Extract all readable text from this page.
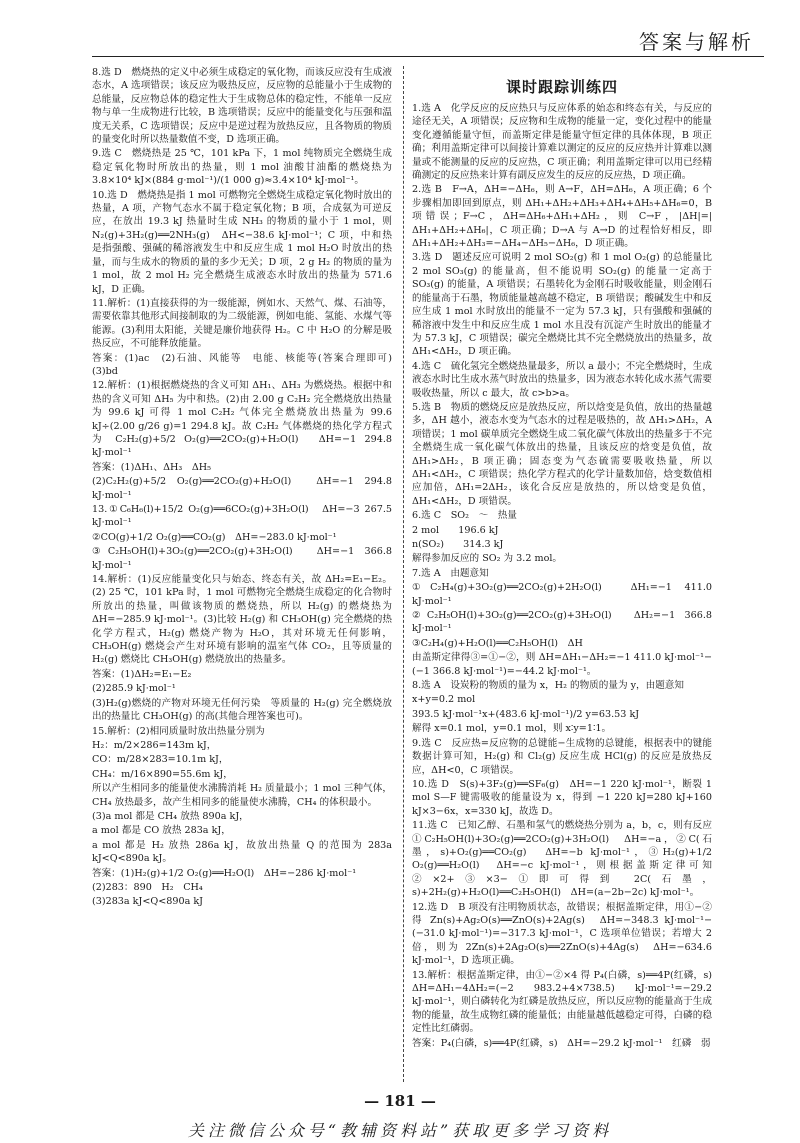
答案与解析
8.选 D　燃烧热的定义中必须生成稳定的氧化物，而该反应没有生成液态水，A 选项错误；该反应为吸热反应，反应物的总能量小于生成物的总能量，反应物总体的稳定性大于生成物总体的稳定性，不能单一反应物与单一生成物进行比较，B 选项错误；反应中的能量变化与压强和温度无关系，C 选项错误；反应中是逆过程为放热反应，且各物质的物质的量变化时所以热量数值不变，D 选项正确。
9.选 C　燃烧热是 25 ℃，101 kPa 下，1 mol 纯物质完全燃烧生成稳定氧化物时所放出的热量，则 1 mol 油酸甘油酯的燃烧热为 3.8×10⁴ kJ×(884 g·mol⁻¹)/(1 000 g)≈3.4×10⁴ kJ·mol⁻¹。
10.选 D　燃烧热是指 1 mol 可燃物完全燃烧生成稳定氧化物时放出的热量，A 项，产物气态水不属于稳定氧化物；B 项，合成氨为可逆反应，在放出 19.3 kJ 热量时生成 NH₃ 的物质的量小于 1 mol，则 N₂(g)+3H₂(g)══2NH₃(g)　ΔH<−38.6 kJ·mol⁻¹；C 项，中和热是指强酸、强碱的稀溶液发生中和反应生成 1 mol H₂O 时放出的热量，而与生成水的物质的量的多少无关；D 项，2 g H₂ 的物质的量为 1 mol，故 2 mol H₂ 完全燃烧生成液态水时放出的热量为 571.6 kJ，D 正确。
11.解析：(1)直接获得的为一级能源，例如水、天然气、煤、石油等，需要依靠其他形式间接制取的为二级能源，例如电能、氢能、水煤气等能源。(3)利用太阳能，关键是廉价地获得 H₂。C 中 H₂O 的分解是吸热反应，不可能释放能量。
答案：(1)ac　(2)石油、风能等　电能、核能等(答案合理即可)　(3)bd
12.解析：(1)根据燃烧热的含义可知 ΔH₁、ΔH₃ 为燃烧热。根据中和热的含义可知 ΔH₅ 为中和热。(2)由 2.00 g C₂H₂ 完全燃烧放出热量为 99.6 kJ 可得 1 mol C₂H₂ 气体完全燃烧放出热量为 99.6 kJ÷(2.00 g/26 g)=1 294.8 kJ。故 C₂H₂ 气体燃烧的热化学方程式为 C₂H₂(g)+5/2 O₂(g)══2CO₂(g)+H₂O(l)　ΔH=−1 294.8 kJ·mol⁻¹
答案：(1)ΔH₁、ΔH₃　ΔH₅
(2)C₂H₂(g)+5/2 O₂(g)══2CO₂(g)+H₂O(l)　ΔH=−1 294.8 kJ·mol⁻¹
13.①C₆H₆(l)+15/2 O₂(g)══6CO₂(g)+3H₂O(l)　ΔH=−3 267.5 kJ·mol⁻¹
②CO(g)+1/2 O₂(g)══CO₂(g)　ΔH=−283.0 kJ·mol⁻¹
③C₂H₅OH(l)+3O₂(g)══2CO₂(g)+3H₂O(l)　ΔH=−1 366.8 kJ·mol⁻¹
14.解析：(1)反应能量变化只与始态、终态有关，故 ΔH₂=E₁−E₂。(2) 25 ℃，101 kPa 时，1 mol 可燃物完全燃烧生成稳定的化合物时所放出的热量，叫做该物质的燃烧热，所以 H₂(g) 的燃烧热为 ΔH=−285.9 kJ·mol⁻¹。(3)比较 H₂(g) 和 CH₃OH(g) 完全燃烧的热化学方程式，H₂(g) 燃烧产物为 H₂O，其对环境无任何影响，CH₃OH(g) 燃烧会产生对环境有影响的温室气体 CO₂，且等质量的 H₂(g) 燃烧比 CH₃OH(g) 燃烧放出的热量多。
答案：(1)ΔH₂=E₁−E₂
(2)285.9 kJ·mol⁻¹
(3)H₂(g)燃烧的产物对环境无任何污染　等质量的 H₂(g) 完全燃烧放出的热量比 CH₃OH(g) 的高(其他合理答案也可)。
15.解析：(2)相同质量时放出热量分别为
H₂：m/2×286=143m kJ，
CO：m/28×283=10.1m kJ，
CH₄：m/16×890=55.6m kJ，
所以产生相同多的能量使水沸腾消耗 H₂ 质量最小；1 mol 三种气体，CH₄ 放热最多，故产生相同多的能量使水沸腾，CH₄ 的体积最小。
(3)a mol 都是 CH₄ 放热 890a kJ，
a mol 都是 CO 放热 283a kJ，
a mol 都是 H₂ 放热 286a kJ，故放出热量 Q 的范围为 283a kJ<Q<890a kJ。
答案：(1)H₂(g)+1/2 O₂(g)══H₂O(l)　ΔH=−286 kJ·mol⁻¹
(2)283：890　H₂　CH₄
(3)283a kJ<Q<890a kJ
课时跟踪训练四
1.选 A　化学反应的反应热只与反应体系的始态和终态有关，与反应的途径无关，A 项错误；反应物和生成物的能量一定，变化过程中的能量变化遵循能量守恒，而盖斯定律是能量守恒定律的具体体现，B 项正确；利用盖斯定律可以间接计算难以测定的反应的反应热并计算难以测量或不能测量的反应的反应热，C 项正确；利用盖斯定律可以用已经精确测定的反应热来计算有副反应发生的反应的反应热，D 项正确。
2.选 B　F→A，ΔH=−ΔH₆，则 A→F，ΔH=ΔH₆，A 项正确；6 个步骤相加即回到原点，则 ΔH₁+ΔH₂+ΔH₃+ΔH₄+ΔH₅+ΔH₆=0，B 项错误；F→C，ΔH=ΔH₆+ΔH₁+ΔH₂，则 C→F，|ΔH|=|ΔH₁+ΔH₂+ΔH₆|，C 项正确；D→A 与 A→D 的过程恰好相反，即 ΔH₁+ΔH₂+ΔH₃=−ΔH₄−ΔH₅−ΔH₆，D 项正确。
3.选 D　题述反应可说明 2 mol SO₂(g) 和 1 mol O₂(g) 的总能量比 2 mol SO₃(g) 的能量高，但不能说明 SO₂(g) 的能量一定高于 SO₃(g) 的能量，A 项错误；石墨转化为金刚石时吸收能量，则金刚石的能量高于石墨，物质能量越高越不稳定，B 项错误；酸碱发生中和反应生成 1 mol 水时放出的能量不一定为 57.3 kJ，只有强酸和强碱的稀溶液中发生中和反应生成 1 mol 水且没有沉淀产生时放出的能量才为 57.3 kJ，C 项错误；碳完全燃烧比其不完全燃烧放出的热量多，故 ΔH₁<ΔH₂，D 项正确。
4.选 C　硫化氢完全燃烧热量最多，所以 a 最小；不完全燃烧时，生成液态水时比生成水蒸气时放出的热量多，因为液态水转化成水蒸气需要吸收热量，所以 c 最大，故 c>b>a。
5.选 B　物质的燃烧反应是放热反应，所以焓变是负值，放出的热量越多，ΔH 越小，液态水变为气态水的过程是吸热的，故 ΔH₁>ΔH₂，A 项错误；1 mol 碳单质完全燃烧生成二氧化碳气体放出的热量多于不完全燃烧生成一氧化碳气体放出的热量，且该反应的焓变是负值，故 ΔH₁>ΔH₂，B 项正确；固态变为气态硫需要吸收热量，所以 ΔH₁<ΔH₂，C 项错误；热化学方程式的化学计量数加倍，焓变数值相应加倍，ΔH₁=2ΔH₂，该化合反应是放热的，所以焓变是负值，ΔH₁<ΔH₂，D 项错误。
6.选 C　SO₂　～　热量
2 mol　　196.6 kJ
n(SO₂)　　314.3 kJ
解得参加反应的 SO₂ 为 3.2 mol。
7.选 A　由题意知
①C₂H₄(g)+3O₂(g)══2CO₂(g)+2H₂O(l)　ΔH₁=−1 411.0 kJ·mol⁻¹
②C₂H₅OH(l)+3O₂(g)══2CO₂(g)+3H₂O(l)　ΔH₂=−1 366.8 kJ·mol⁻¹
③C₂H₄(g)+H₂O(l)══C₂H₅OH(l)　ΔH
由盖斯定律得③=①−②，则 ΔH=ΔH₁−ΔH₂=−1 411.0 kJ·mol⁻¹−(−1 366.8 kJ·mol⁻¹)=−44.2 kJ·mol⁻¹。
8.选 A　设炭粉的物质的量为 x，H₂ 的物质的量为 y，由题意知
x+y=0.2 mol
393.5 kJ·mol⁻¹x+(483.6 kJ·mol⁻¹)/2 y=63.53 kJ
解得 x=0.1 mol，y=0.1 mol，则 x∶y=1∶1。
9.选 C　反应热=反应物的总键能−生成物的总键能，根据表中的键能数据计算可知，H₂(g) 和 Cl₂(g) 反应生成 HCl(g) 的反应是放热反应，ΔH<0，C 项错误。
10.选 D　S(s)+3F₂(g)══SF₆(g)　ΔH=−1 220 kJ·mol⁻¹，断裂 1 mol S—F 键需吸收的能量设为 x，得到 −1 220 kJ=280 kJ+160 kJ×3−6x，x=330 kJ，故选 D。
11.选 C　已知乙醇、石墨和氢气的燃烧热分别为 a，b，c，则有反应 ①C₂H₅OH(l)+3O₂(g)══2CO₂(g)+3H₂O(l)　ΔH=−a，②C(石墨，s)+O₂(g)══CO₂(g)　ΔH=−b kJ·mol⁻¹，③H₂(g)+1/2 O₂(g)══H₂O(l)　ΔH=−c kJ·mol⁻¹，则根据盖斯定律可知②×2+③×3−①即可得到 2C(石墨，s)+2H₂(g)+H₂O(l)══C₂H₅OH(l)　ΔH=(a−2b−2c) kJ·mol⁻¹。
12.选 D　B 项没有注明物质状态，故错误；根据盖斯定律，用①−②得 Zn(s)+Ag₂O(s)══ZnO(s)+2Ag(s)　ΔH=−348.3 kJ·mol⁻¹−(−31.0 kJ·mol⁻¹)=−317.3 kJ·mol⁻¹，C 选项单位错误；若增大 2 倍，则为 2Zn(s)+2Ag₂O(s)══2ZnO(s)+4Ag(s)　ΔH=−634.6 kJ·mol⁻¹，D 选项正确。
13.解析：根据盖斯定律，由①−②×4 得 P₄(白磷，s)══4P(红磷，s)　ΔH=ΔH₁−4ΔH₂=(−2 983.2+4×738.5) kJ·mol⁻¹=−29.2 kJ·mol⁻¹，则白磷转化为红磷是放热反应，所以反应物的能量高于生成物的能量，故生成物红磷的能量低；由能量越低越稳定可得，白磷的稳定性比红磷弱。
答案：P₄(白磷，s)══4P(红磷，s)　ΔH=−29.2 kJ·mol⁻¹　红磷　弱
— 181 —
关注微信公众号“教辅资料站”获取更多学习资料
